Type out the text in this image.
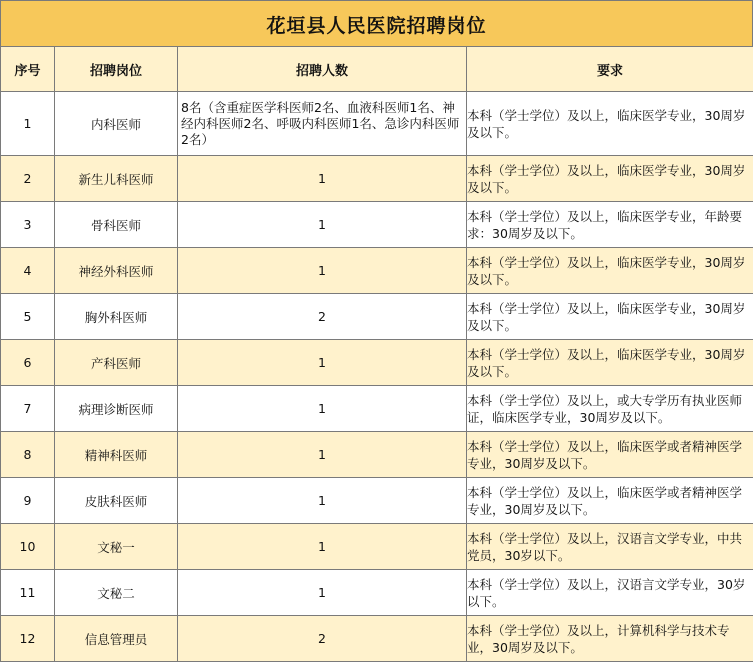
花垣县人民医院招聘岗位
序号	招聘岗位	招聘人数	要求
1	内科医师	8名（含重症医学科医师2名、血液科医师1名、神经内科医师2名、呼吸内科医师1名、急诊内科医师2名）	本科（学士学位）及以上，临床医学专业，30周岁及以下。
2	新生儿科医师	1	本科（学士学位）及以上，临床医学专业，30周岁及以下。
3	骨科医师	1	本科（学士学位）及以上，临床医学专业，年龄要求：30周岁及以下。
4	神经外科医师	1	本科（学士学位）及以上，临床医学专业，30周岁及以下。
5	胸外科医师	2	本科（学士学位）及以上，临床医学专业，30周岁及以下。
6	产科医师	1	本科（学士学位）及以上，临床医学专业，30周岁及以下。
7	病理诊断医师	1	本科（学士学位）及以上，或大专学历有执业医师证，临床医学专业，30周岁及以下。
8	精神科医师	1	本科（学士学位）及以上，临床医学或者精神医学专业，30周岁及以下。
9	皮肤科医师	1	本科（学士学位）及以上，临床医学或者精神医学专业，30周岁及以下。
10	文秘一	1	本科（学士学位）及以上，汉语言文学专业，中共党员，30岁以下。
11	文秘二	1	本科（学士学位）及以上，汉语言文学专业，30岁以下。
12	信息管理员	2	本科（学士学位）及以上，计算机科学与技术专业，30周岁及以下。
